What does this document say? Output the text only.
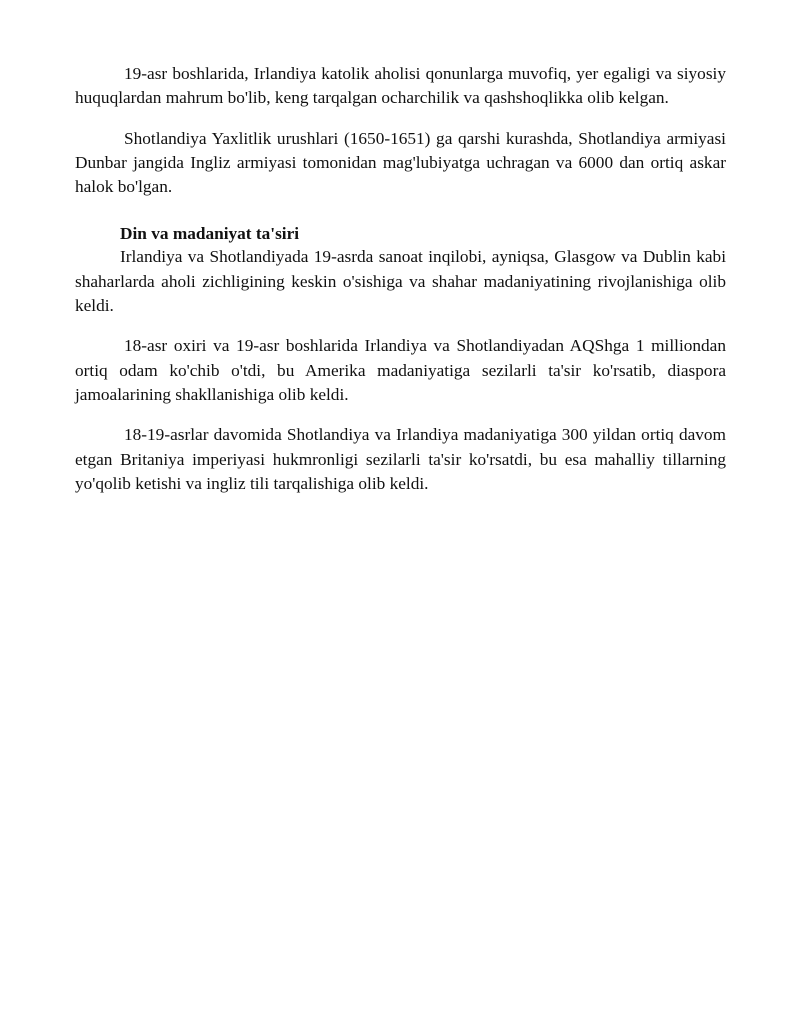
19-asr boshlarida, Irlandiya katolik aholisi qonunlarga muvofiq, yer egaligi va siyosiy huquqlardan mahrum bo'lib, keng tarqalgan ocharchilik va qashshoqlikka olib kelgan.

Shotlandiya Yaxlitlik urushlari (1650-1651) ga qarshi kurashda, Shotlandiya armiyasi Dunbar jangida Ingliz armiyasi tomonidan mag'lubiyatga uchragan va 6000 dan ortiq askar halok bo'lgan.

Din va madaniyat ta'siri

Irlandiya va Shotlandiyada 19-asrda sanoat inqilobi, ayniqsa, Glasgow va Dublin kabi shaharlarda aholi zichligining keskin o'sishiga va shahar madaniyatining rivojlanishiga olib keldi.

18-asr oxiri va 19-asr boshlarida Irlandiya va Shotlandiyadan AQShga 1 milliondan ortiq odam ko'chib o'tdi, bu Amerika madaniyatiga sezilarli ta'sir ko'rsatib, diaspora jamoalarining shakllanishiga olib keldi.

18-19-asrlar davomida Shotlandiya va Irlandiya madaniyatiga 300 yildan ortiq davom etgan Britaniya imperiyasi hukmronligi sezilarli ta'sir ko'rsatdi, bu esa mahalliy tillarning yo'qolib ketishi va ingliz tili tarqalishiga olib keldi.
